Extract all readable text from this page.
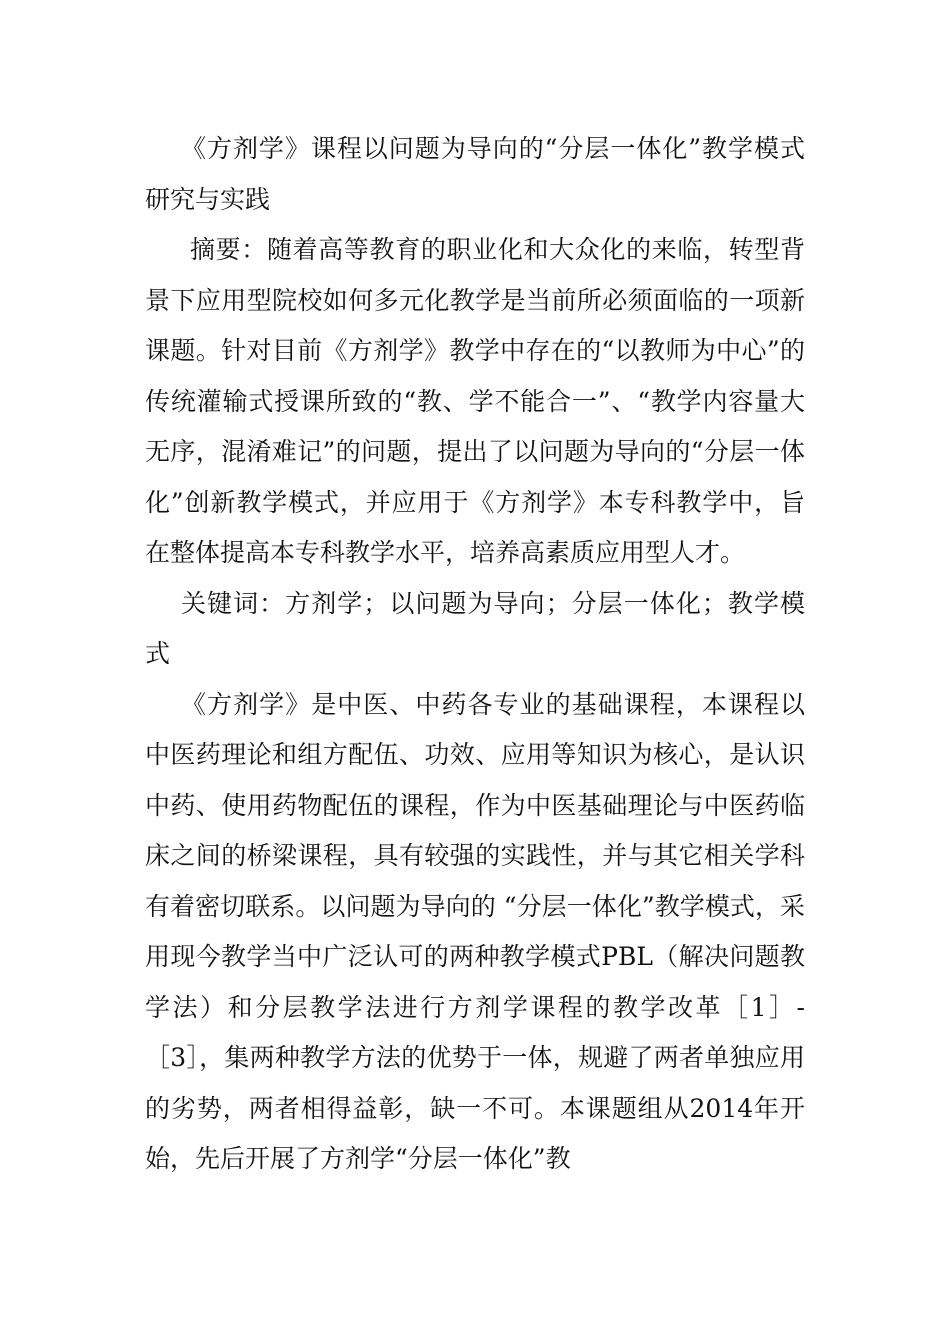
《方剂学》课程以问题为导向的“分层一体化”教学模式研究与实践

摘要：随着高等教育的职业化和大众化的来临，转型背景下应用型院校如何多元化教学是当前所必须面临的一项新课题。针对目前《方剂学》教学中存在的“以教师为中心”的传统灌输式授课所致的“教、学不能合一”、“教学内容量大无序，混淆难记”的问题，提出了以问题为导向的“分层一体化”创新教学模式，并应用于《方剂学》本专科教学中，旨在整体提高本专科教学水平，培养高素质应用型人才。

关键词：方剂学；以问题为导向；分层一体化；教学模式

《方剂学》是中医、中药各专业的基础课程，本课程以中医药理论和组方配伍、功效、应用等知识为核心，是认识中药、使用药物配伍的课程，作为中医基础理论与中医药临床之间的桥梁课程，具有较强的实践性，并与其它相关学科有着密切联系。以问题为导向的 “分层一体化”教学模式，采用现今教学当中广泛认可的两种教学模式PBL（解决问题教学法）和分层教学法进行方剂学课程的教学改革［1］-［3］，集两种教学方法的优势于一体，规避了两者单独应用的劣势，两者相得益彰，缺一不可。本课题组从2014年开始，先后开展了方剂学“分层一体化”教
